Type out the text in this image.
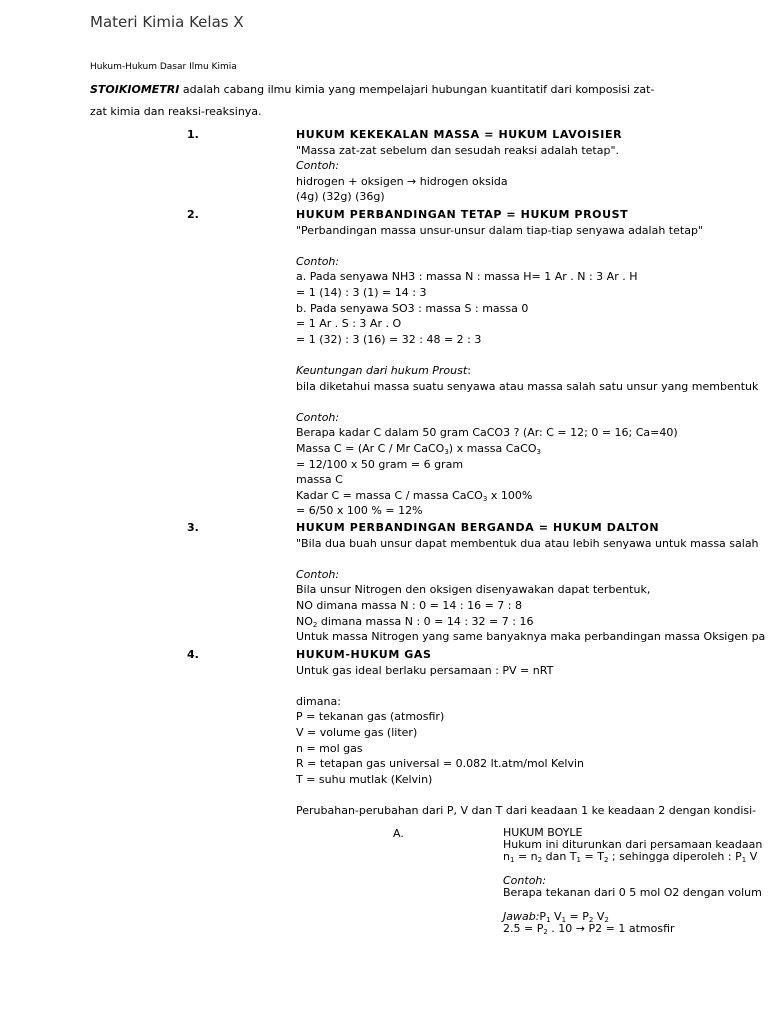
Materi Kimia Kelas X
Hukum-Hukum Dasar Ilmu Kimia
STOIKIOMETRI adalah cabang ilmu kimia yang mempelajari hubungan kuantitatif dari komposisi zat-
zat kimia dan reaksi-reaksinya.
1.	HUKUM KEKEKALAN MASSA = HUKUM LAVOISIER
"Massa zat-zat sebelum dan sesudah reaksi adalah tetap".
Contoh:
hidrogen + oksigen → hidrogen oksida
(4g) (32g) (36g)
2.	HUKUM PERBANDINGAN TETAP = HUKUM PROUST
"Perbandingan massa unsur-unsur dalam tiap-tiap senyawa adalah tetap"
Contoh:
a. Pada senyawa NH3 : massa N : massa H= 1 Ar . N : 3 Ar . H
= 1 (14) : 3 (1) = 14 : 3
b. Pada senyawa SO3 : massa S : massa 0
= 1 Ar . S : 3 Ar . O
= 1 (32) : 3 (16) = 32 : 48 = 2 : 3
Keuntungan dari hukum Proust:
bila diketahui massa suatu senyawa atau massa salah satu unsur yang membentuk
Contoh:
Berapa kadar C dalam 50 gram CaCO3 ? (Ar: C = 12; 0 = 16; Ca=40)
Massa C = (Ar C / Mr CaCO$_3$) x massa CaCO$_3$
= 12/100 x 50 gram = 6 gram
massa C
Kadar C = massa C / massa CaCO$_3$ x 100%
= 6/50 x 100 % = 12%
3.	HUKUM PERBANDINGAN BERGANDA = HUKUM DALTON
"Bila dua buah unsur dapat membentuk dua atau lebih senyawa untuk massa salah
Contoh:
Bila unsur Nitrogen den oksigen disenyawakan dapat terbentuk,
NO dimana massa N : 0 = 14 : 16 = 7 : 8
$NO_2$ dimana massa N : 0 = 14 : 32 = 7 : 16
Untuk massa Nitrogen yang same banyaknya maka perbandingan massa Oksigen pa
4.	HUKUM-HUKUM GAS
Untuk gas ideal berlaku persamaan : PV = nRT
dimana:
P = tekanan gas (atmosfir)
V = volume gas (liter)
n = mol gas
R = tetapan gas universal = 0.082 lt.atm/mol Kelvin
T = suhu mutlak (Kelvin)
Perubahan-perubahan dari P, V dan T dari keadaan 1 ke keadaan 2 dengan kondisi-
A.	HUKUM BOYLE
Hukum ini diturunkan dari persamaan keadaan
$n_1 = n_2$ dan $T_1 = T_2$ ; sehingga diperoleh : $P_1$ V
Contoh:
Berapa tekanan dari 0 5 mol O2 dengan volum
$Jawab:P_1$ $V_1 = P_2$ $V_2$
$2.5 = P_2$ . 10 → P2 = 1 atmosfir
